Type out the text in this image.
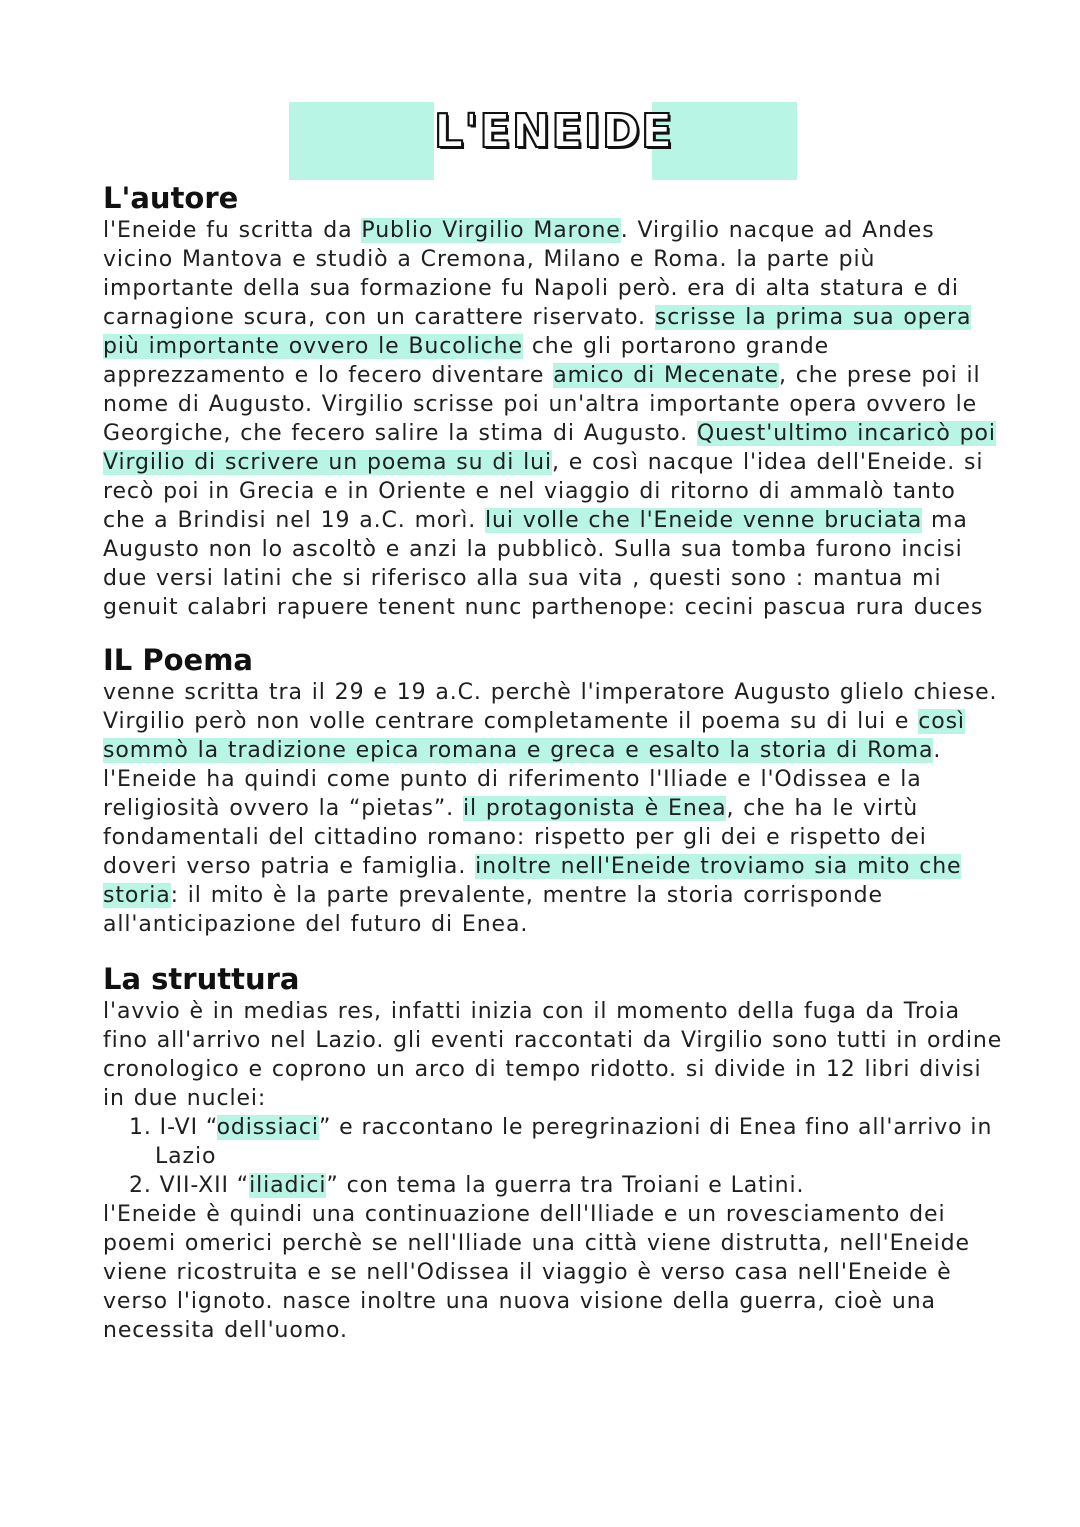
L'ENEIDE
L'autore

l'Eneide fu scritta da Publio Virgilio Marone. Virgilio nacque ad Andes vicino Mantova e studiò a Cremona, Milano e Roma. la parte più importante della sua formazione fu Napoli però. era di alta statura e di carnagione scura, con un carattere riservato. scrisse la prima sua opera più importante ovvero le Bucoliche che gli portarono grande apprezzamento e lo fecero diventare amico di Mecenate, che prese poi il nome di Augusto. Virgilio scrisse poi un'altra importante opera ovvero le Georgiche, che fecero salire la stima di Augusto. Quest'ultimo incaricò poi Virgilio di scrivere un poema su di lui, e così nacque l'idea dell'Eneide. si recò poi in Grecia e in Oriente e nel viaggio di ritorno di ammalò tanto che a Brindisi nel 19 a.C. morì. lui volle che l'Eneide venne bruciata ma Augusto non lo ascoltò e anzi la pubblicò. Sulla sua tomba furono incisi due versi latini che si riferisco alla sua vita , questi sono : mantua mi genuit calabri rapuere tenent nunc parthenope: cecini pascua rura duces

IL Poema

venne scritta tra il 29 e 19 a.C. perchè l'imperatore Augusto glielo chiese. Virgilio però non volle centrare completamente il poema su di lui e così sommò la tradizione epica romana e greca e esalto la storia di Roma. l'Eneide ha quindi come punto di riferimento l'Iliade e l'Odissea e la religiosità ovvero la “pietas”. il protagonista è Enea, che ha le virtù fondamentali del cittadino romano: rispetto per gli dei e rispetto dei doveri verso patria e famiglia. inoltre nell'Eneide troviamo sia mito che storia: il mito è la parte prevalente, mentre la storia corrisponde all'anticipazione del futuro di Enea.

La struttura

l'avvio è in medias res, infatti inizia con il momento della fuga da Troia fino all'arrivo nel Lazio. gli eventi raccontati da Virgilio sono tutti in ordine cronologico e coprono un arco di tempo ridotto. si divide in 12 libri divisi in due nuclei:

1. I-VI “odissiaci” e raccontano le peregrinazioni di Enea fino all'arrivo in Lazio
2. VII-XII “iliadici” con tema la guerra tra Troiani e Latini.

l'Eneide è quindi una continuazione dell'Iliade e un rovesciamento dei poemi omerici perchè se nell'Iliade una città viene distrutta, nell'Eneide viene ricostruita e se nell'Odissea il viaggio è verso casa nell'Eneide è verso l'ignoto. nasce inoltre una nuova visione della guerra, cioè una necessita dell'uomo.
